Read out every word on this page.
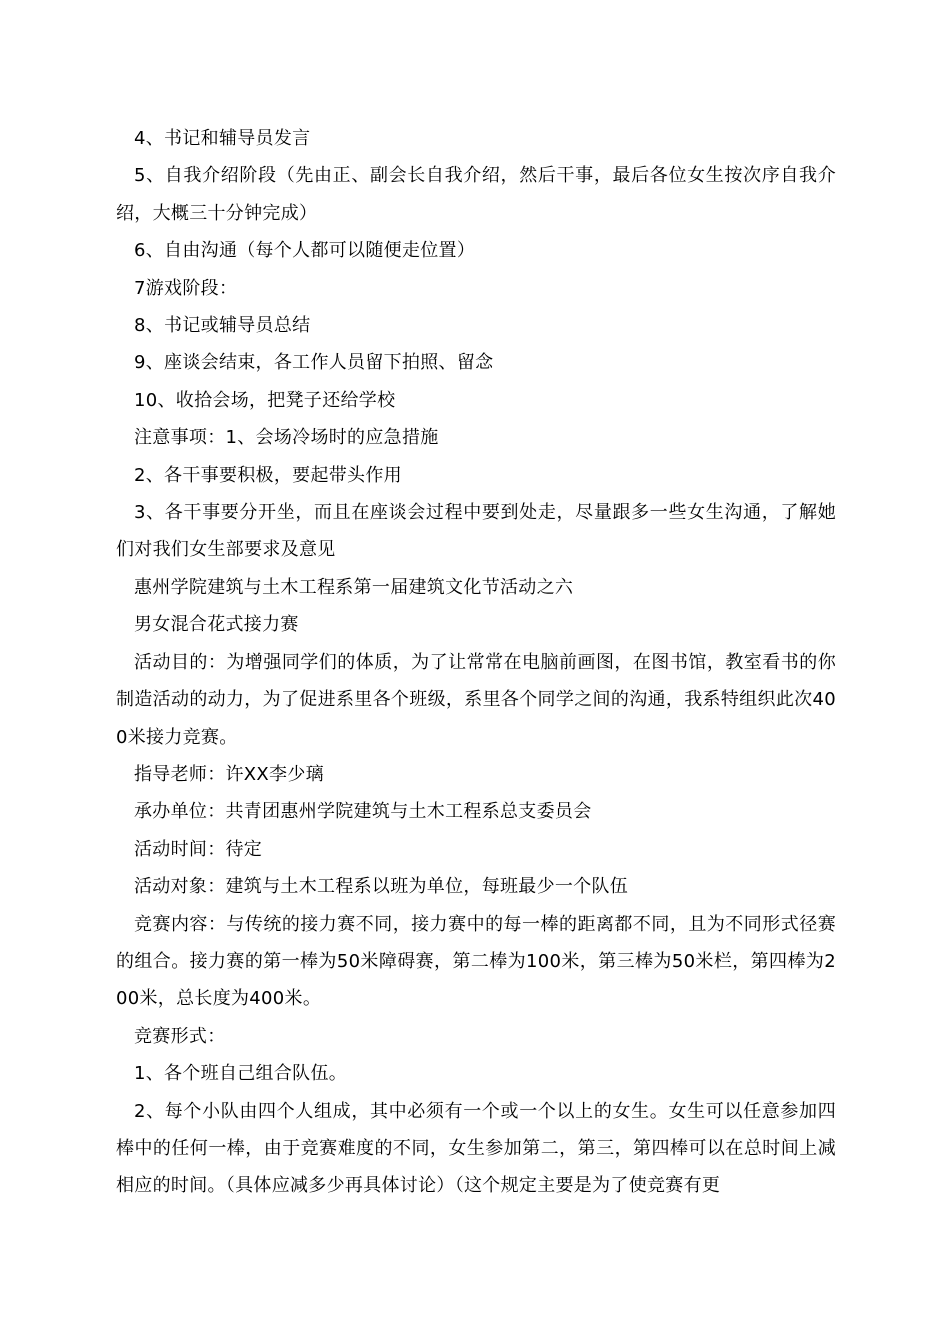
4、书记和辅导员发言

5、自我介绍阶段（先由正、副会长自我介绍，然后干事，最后各位女生按次序自我介绍，大概三十分钟完成）

6、自由沟通（每个人都可以随便走位置）

7游戏阶段：

8、书记或辅导员总结

9、座谈会结束，各工作人员留下拍照、留念

10、收拾会场，把凳子还给学校

注意事项：1、会场冷场时的应急措施

2、各干事要积极，要起带头作用

3、各干事要分开坐，而且在座谈会过程中要到处走，尽量跟多一些女生沟通，了解她们对我们女生部要求及意见

惠州学院建筑与土木工程系第一届建筑文化节活动之六

男女混合花式接力赛

活动目的：为增强同学们的体质，为了让常常在电脑前画图，在图书馆，教室看书的你制造活动的动力，为了促进系里各个班级，系里各个同学之间的沟通，我系特组织此次400米接力竞赛。

指导老师：许XX李少璃

承办单位：共青团惠州学院建筑与土木工程系总支委员会

活动时间：待定

活动对象：建筑与土木工程系以班为单位，每班最少一个队伍

竞赛内容：与传统的接力赛不同，接力赛中的每一棒的距离都不同，且为不同形式径赛的组合。接力赛的第一棒为50米障碍赛，第二棒为100米，第三棒为50米栏，第四棒为200米，总长度为400米。

竞赛形式：

1、各个班自己组合队伍。

2、每个小队由四个人组成，其中必须有一个或一个以上的女生。女生可以任意参加四棒中的任何一棒，由于竞赛难度的不同，女生参加第二，第三，第四棒可以在总时间上减相应的时间。（具体应减多少再具体讨论）（这个规定主要是为了使竞赛有更
